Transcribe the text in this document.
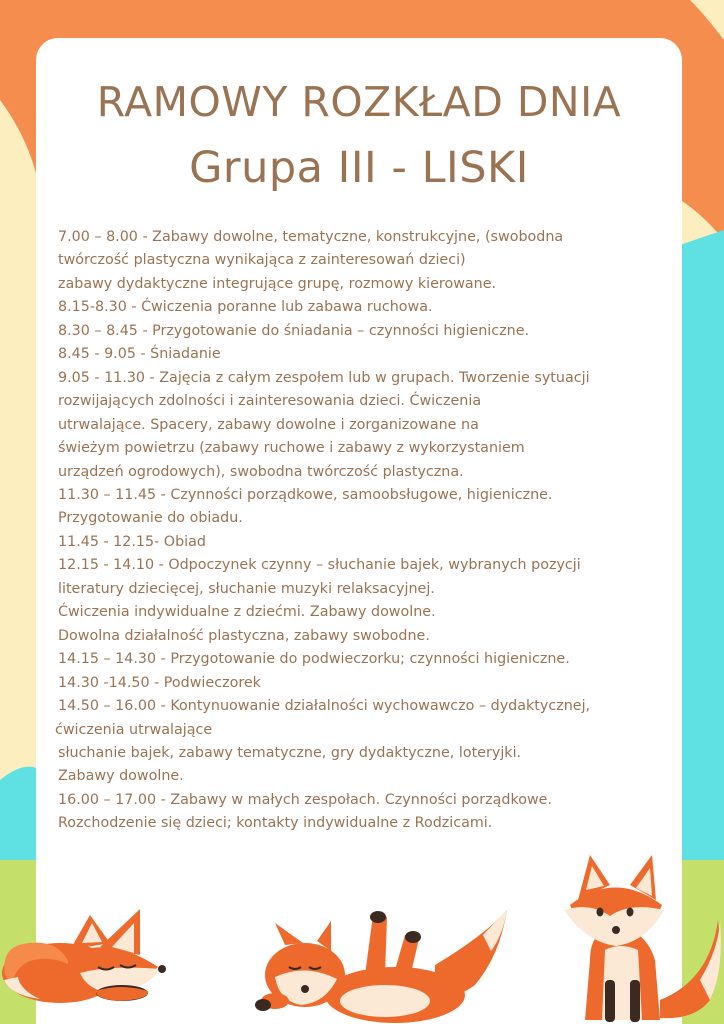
RAMOWY ROZKŁAD DNIA
Grupa III - LISKI
7.00 – 8.00 - Zabawy dowolne, tematyczne, konstrukcyjne, (swobodna
twórczość plastyczna wynikająca z zainteresowań dzieci)
zabawy dydaktyczne integrujące grupę, rozmowy kierowane.
8.15-8.30 - Ćwiczenia poranne lub zabawa ruchowa.
8.30 – 8.45 - Przygotowanie do śniadania – czynności higieniczne.
8.45 - 9.05 - Śniadanie
9.05 - 11.30 - Zajęcia z całym zespołem lub w grupach. Tworzenie sytuacji
rozwijających zdolności i zainteresowania dzieci. Ćwiczenia
utrwalające. Spacery, zabawy dowolne i zorganizowane na
świeżym powietrzu (zabawy ruchowe i zabawy z wykorzystaniem
urządzeń ogrodowych), swobodna twórczość plastyczna.
11.30 – 11.45 - Czynności porządkowe, samoobsługowe, higieniczne.
Przygotowanie do obiadu.
11.45 - 12.15- Obiad
12.15 - 14.10 - Odpoczynek czynny – słuchanie bajek, wybranych pozycji
literatury dziecięcej, słuchanie muzyki relaksacyjnej.
Ćwiczenia indywidualne z dziećmi. Zabawy dowolne.
Dowolna działalność plastyczna, zabawy swobodne.
14.15 – 14.30 - Przygotowanie do podwieczorku; czynności higieniczne.
14.30 -14.50 - Podwieczorek
14.50 – 16.00 - Kontynuowanie działalności wychowawczo – dydaktycznej,
ćwiczenia utrwalające
słuchanie bajek, zabawy tematyczne, gry dydaktyczne, loteryjki.
Zabawy dowolne.
16.00 – 17.00 - Zabawy w małych zespołach. Czynności porządkowe.
Rozchodzenie się dzieci; kontakty indywidualne z Rodzicami.
